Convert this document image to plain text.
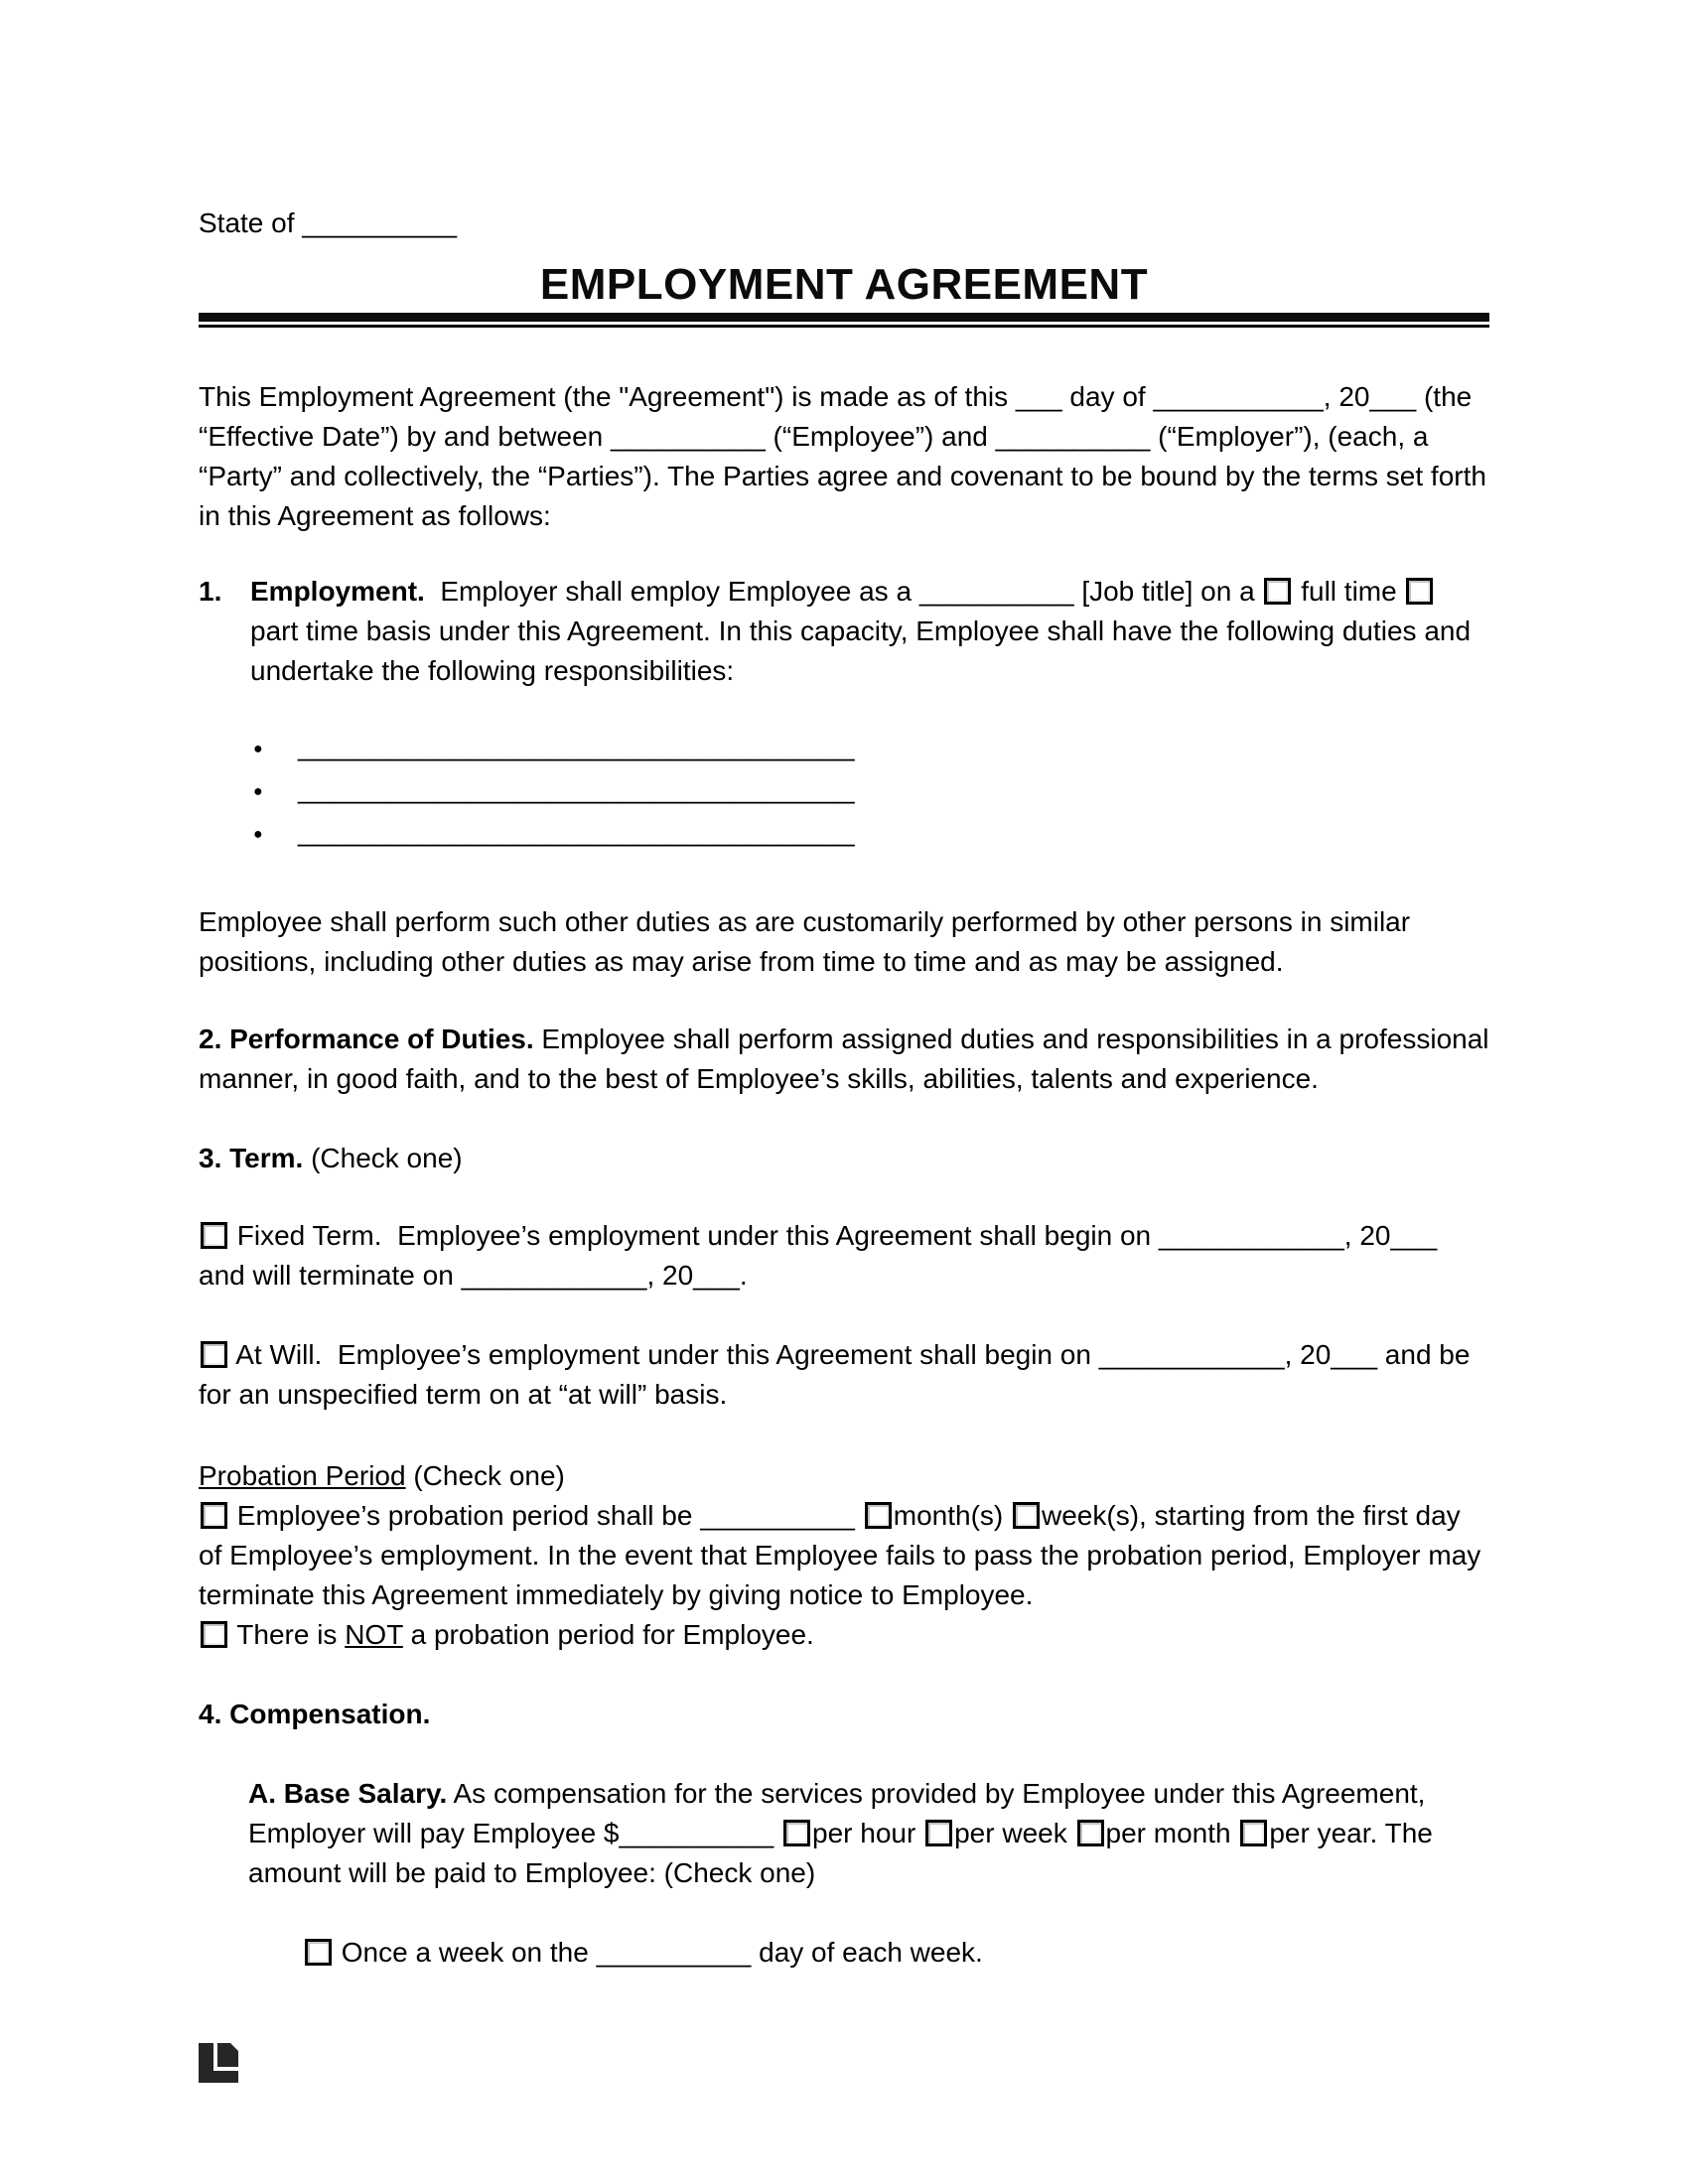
State of __________

EMPLOYMENT AGREEMENT

This Employment Agreement (the "Agreement") is made as of this ___ day of ___________, 20___ (the “Effective Date”) by and between __________ (“Employee”) and __________ (“Employer”), (each, a “Party” and collectively, the “Parties”). The Parties agree and covenant to be bound by the terms set forth in this Agreement as follows:

1. Employment.  Employer shall employ Employee as a __________ [Job title] on a  full time  part time basis under this Agreement. In this capacity, Employee shall have the following duties and undertake the following responsibilities:
● ____________________________________
● ____________________________________
● ____________________________________

Employee shall perform such other duties as are customarily performed by other persons in similar positions, including other duties as may arise from time to time and as may be assigned.

2. Performance of Duties. Employee shall perform assigned duties and responsibilities in a professional manner, in good faith, and to the best of Employee’s skills, abilities, talents and experience.

3. Term. (Check one)

Fixed Term.  Employee’s employment under this Agreement shall begin on ____________, 20___ and will terminate on ____________, 20___.

At Will.  Employee’s employment under this Agreement shall begin on ____________, 20___ and be for an unspecified term on at “at will” basis.

Probation Period (Check one)

Employee’s probation period shall be __________ month(s) week(s), starting from the first day of Employee’s employment. In the event that Employee fails to pass the probation period, Employer may terminate this Agreement immediately by giving notice to Employee.

There is NOT a probation period for Employee.

4. Compensation.

A. Base Salary. As compensation for the services provided by Employee under this Agreement, Employer will pay Employee $__________ per hour per week per month per year. The amount will be paid to Employee: (Check one)

Once a week on the __________ day of each week.
